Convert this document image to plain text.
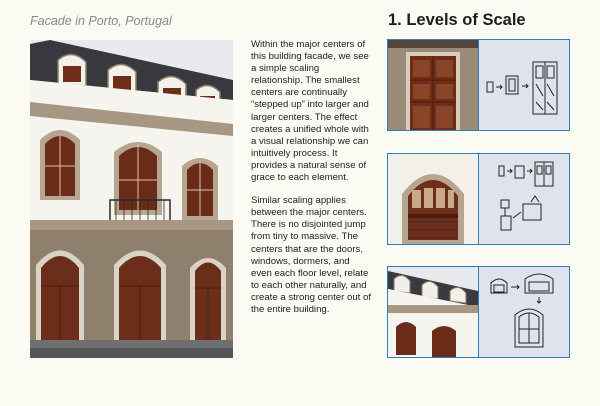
Facade in Porto, Portugal	1. Levels of Scale

Within the major centers of this building facade, we see a simple scaling relationship. The smallest centers are continually “stepped up” into larger and larger centers. The effect creates a unified whole with a visual relationship we can intuitively process. It provides a natural sense of grace to each element.

Similar scaling applies between the major centers. There is no disjointed jump from tiny to massive. The centers that are the doors, windows, dormers, and even each floor level, relate to each other naturally, and create a strong center out of the entire building.
